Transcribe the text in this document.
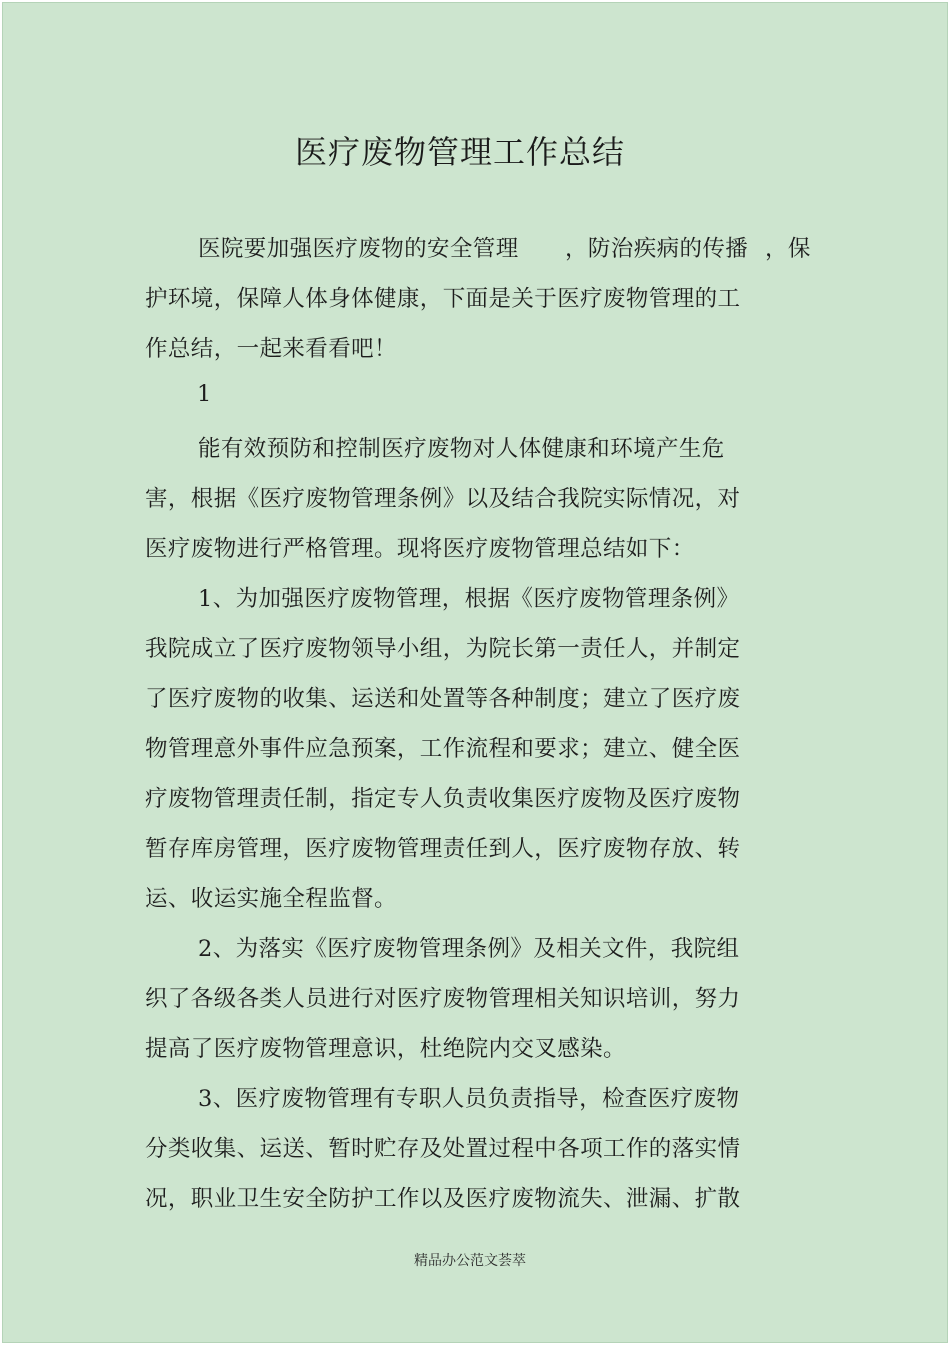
医疗废物管理工作总结
医院要加强医疗废物的安全管理 ，防治疾病的传播 ，保
护环境，保障人体身体健康，下面是关于医疗废物管理的工
作总结，一起来看看吧！
1
能有效预防和控制医疗废物对人体健康和环境产生危
害，根据《医疗废物管理条例》以及结合我院实际情况，对
医疗废物进行严格管理。现将医疗废物管理总结如下：
1、为加强医疗废物管理，根据《医疗废物管理条例》
我院成立了医疗废物领导小组，为院长第一责任人，并制定
了医疗废物的收集、运送和处置等各种制度；建立了医疗废
物管理意外事件应急预案，工作流程和要求；建立、健全医
疗废物管理责任制，指定专人负责收集医疗废物及医疗废物
暂存库房管理，医疗废物管理责任到人，医疗废物存放、转
运、收运实施全程监督。
2、为落实《医疗废物管理条例》及相关文件，我院组
织了各级各类人员进行对医疗废物管理相关知识培训，努力
提高了医疗废物管理意识，杜绝院内交叉感染。
3、医疗废物管理有专职人员负责指导，检查医疗废物
分类收集、运送、暂时贮存及处置过程中各项工作的落实情
况，职业卫生安全防护工作以及医疗废物流失、泄漏、扩散
精品办公范文荟萃
